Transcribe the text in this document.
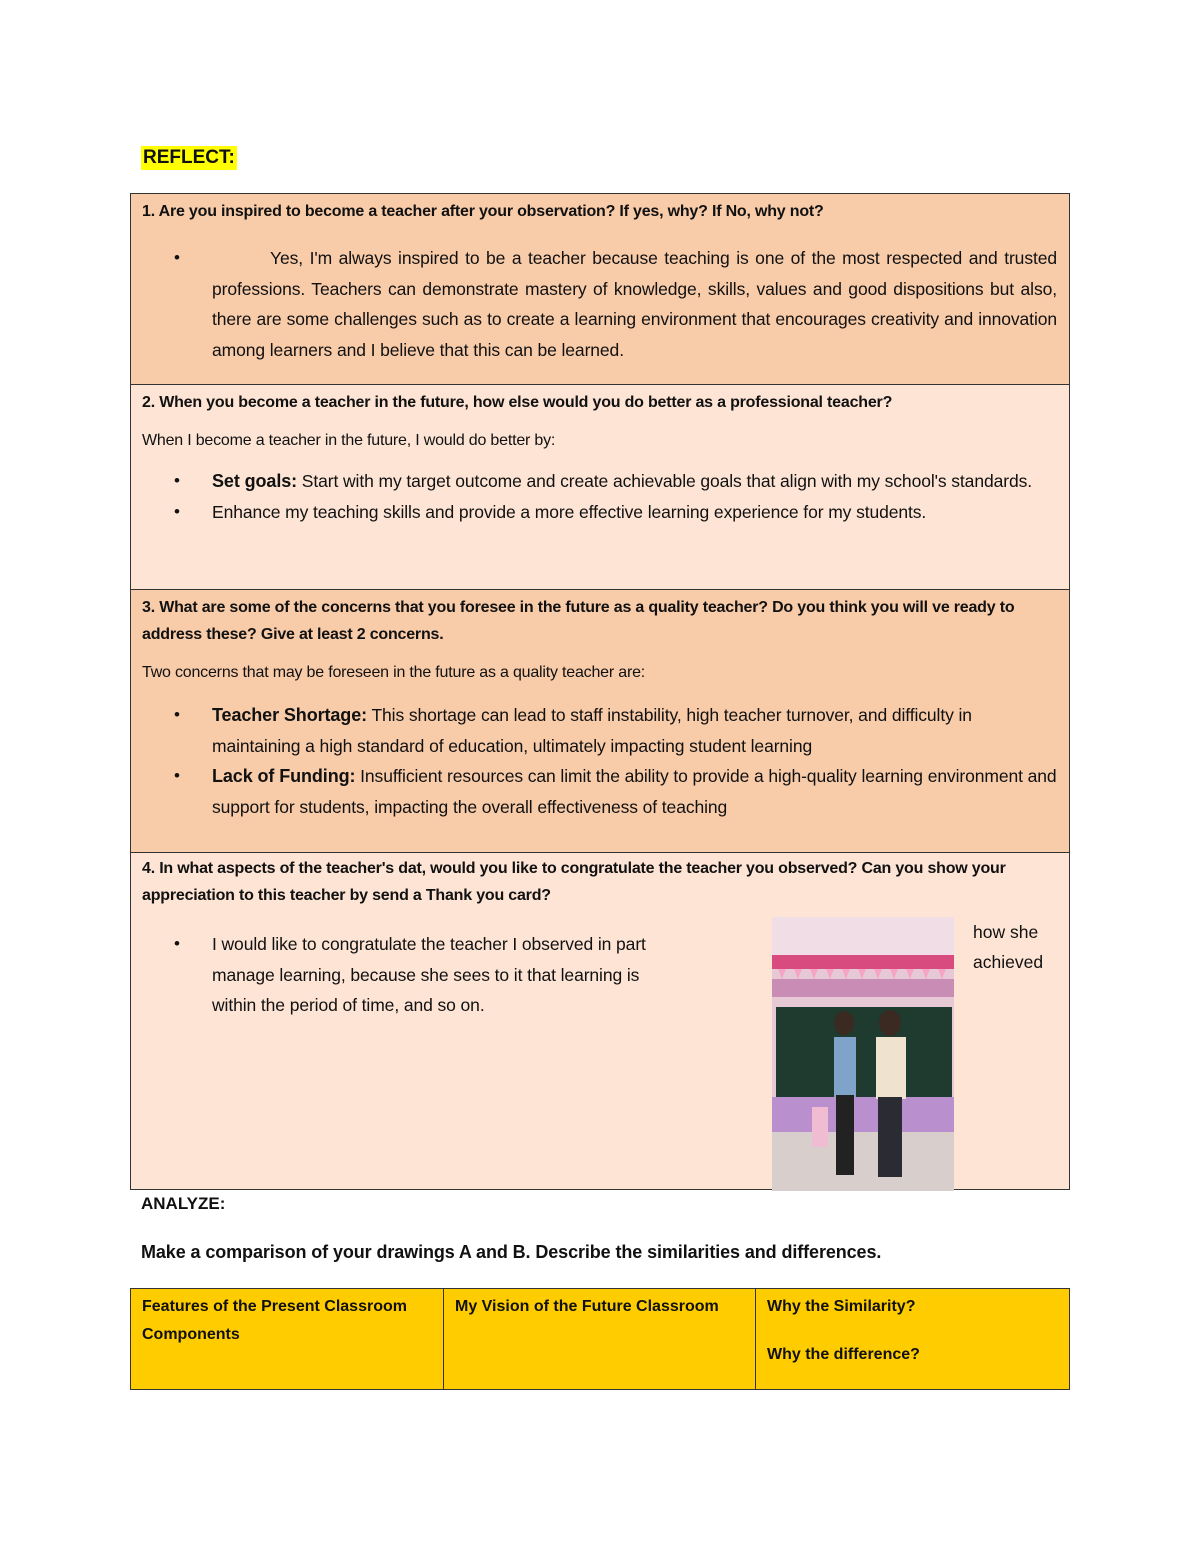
REFLECT:

1. Are you inspired to become a teacher after your observation? If yes, why? If No, why not?

• Yes, I'm always inspired to be a teacher because teaching is one of the most respected and trusted professions. Teachers can demonstrate mastery of knowledge, skills, values and good dispositions but also, there are some challenges such as to create a learning environment that encourages creativity and innovation among learners and I believe that this can be learned.

2. When you become a teacher in the future, how else would you do better as a professional teacher?

When I become a teacher in the future, I would do better by:

• Set goals: Start with my target outcome and create achievable goals that align with my school's standards.
• Enhance my teaching skills and provide a more effective learning experience for my students.

3. What are some of the concerns that you foresee in the future as a quality teacher? Do you think you will ve ready to address these? Give at least 2 concerns.

Two concerns that may be foreseen in the future as a quality teacher are:

• Teacher Shortage: This shortage can lead to staff instability, high teacher turnover, and difficulty in maintaining a high standard of education, ultimately impacting student learning
• Lack of Funding: Insufficient resources can limit the ability to provide a high-quality learning environment and support for students, impacting the overall effectiveness of teaching

4. In what aspects of the teacher's dat, would you like to congratulate the teacher you observed? Can you show your appreciation to this teacher by send a Thank you card?

• I would like to congratulate the teacher I observed in part
manage learning, because she sees to it that learning is
within the period of time, and so on.
how she
achieved
ANALYZE:
Make a comparison of your drawings A and B. Describe the similarities and differences.
Features of the Present Classroom Components	My Vision of the Future Classroom	Why the Similarity?
Why the difference?
